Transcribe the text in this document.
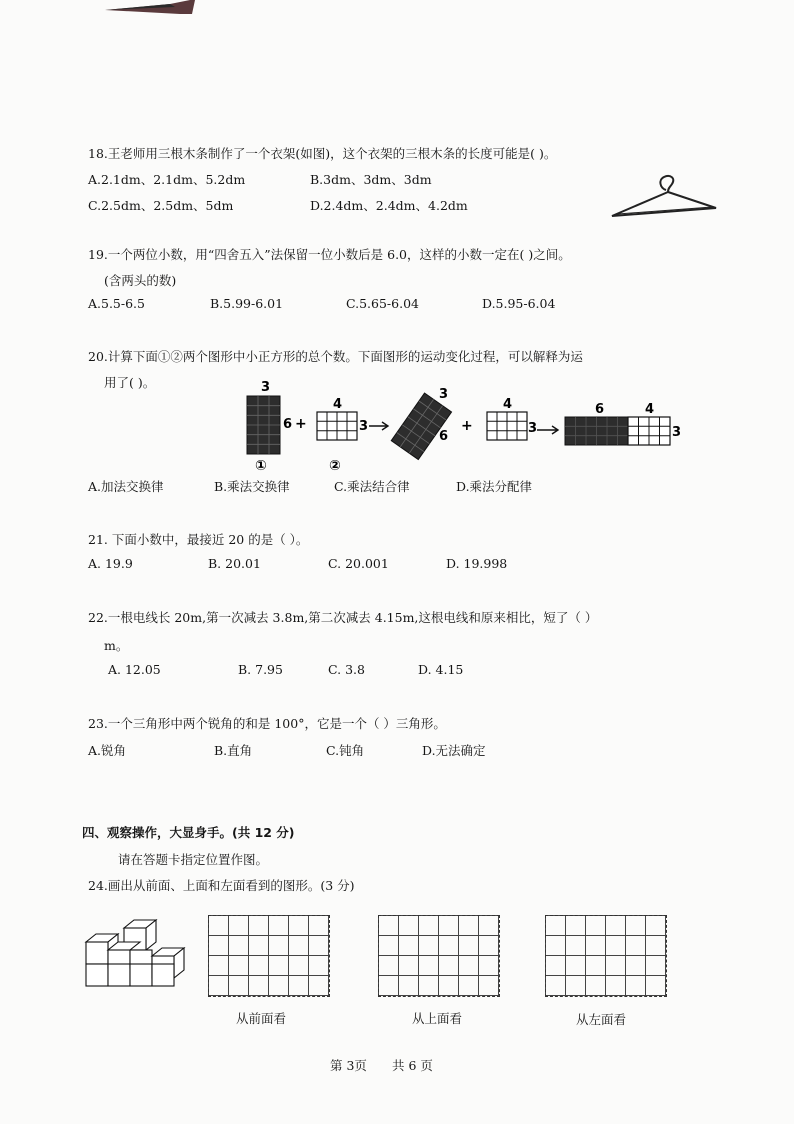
18.王老师用三根木条制作了一个衣架(如图)，这个衣架的三根木条的长度可能是( )。
A.2.1dm、2.1dm、5.2dm	B.3dm、3dm、3dm
C.2.5dm、2.5dm、5dm	D.2.4dm、2.4dm、4.2dm
19.一个两位小数，用“四舍五入”法保留一位小数后是 6.0，这样的小数一定在( )之间。
(含两头的数)
A.5.5-6.5	B.5.99-6.01	C.5.65-6.04	D.5.95-6.04
20.计算下面①②两个图形中小正方形的总个数。下面图形的运动变化过程，可以解释为运
用了( )。	3
6 +
4
3
3
6
+
4
3
6	4
3
①	②
A.加法交换律	B.乘法交换律	C.乘法结合律	D.乘法分配律
21. 下面小数中，最接近 20 的是（ ）。
A. 19.9	B. 20.01	C. 20.001	D. 19.998
22.一根电线长 20m,第一次减去 3.8m,第二次减去 4.15m,这根电线和原来相比，短了（ ）
m。
A. 12.05	B. 7.95	C. 3.8	D. 4.15
23.一个三角形中两个锐角的和是 100°，它是一个（ ）三角形。
A.锐角	B.直角	C.钝角	D.无法确定
四、观察操作，大显身手。(共 12 分)
请在答题卡指定位置作图。
24.画出从前面、上面和左面看到的图形。(3 分)
从前面看	从上面看	从左面看
第 3页 共 6 页
